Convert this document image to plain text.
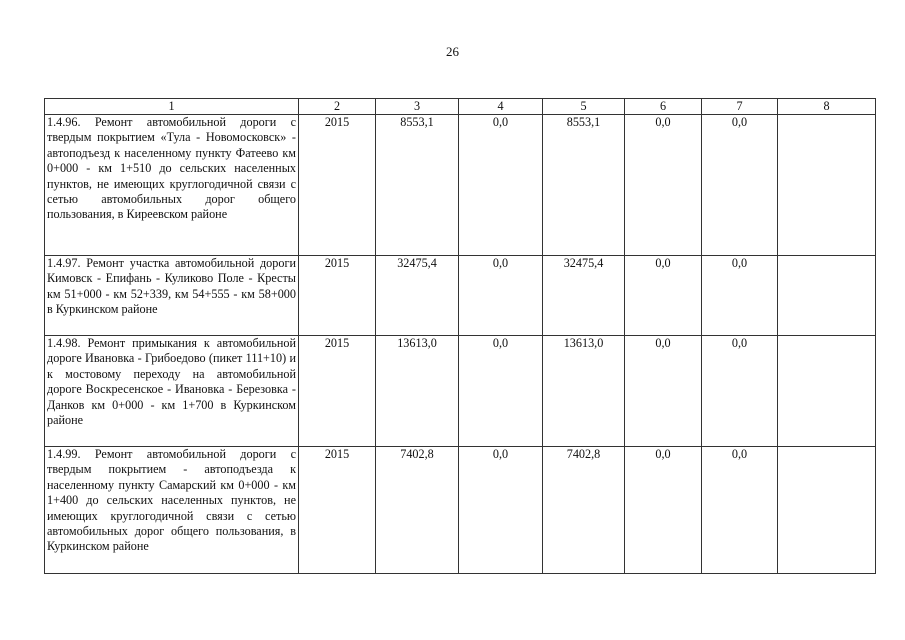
26
1	2	3	4	5	6	7	8
1.4.96. Ремонт автомобильной дороги с твердым покрытием «Тула - Новомосковск» - автоподъезд к населенному пункту Фатеево км 0+000 - км 1+510 до сельских населенных пунктов, не имеющих круглогодичной связи с сетью автомобильных дорог общего пользования, в Киреевском районе	2015	8553,1	0,0	8553,1	0,0	0,0	
1.4.97. Ремонт участка автомобильной дороги Кимовск - Епифань - Куликово Поле - Кресты км 51+000 - км 52+339, км 54+555 - км 58+000 в Куркинском районе	2015	32475,4	0,0	32475,4	0,0	0,0	
1.4.98. Ремонт примыкания к автомобильной дороге Ивановка - Грибоедово (пикет 111+10) и к мостовому переходу на автомобильной дороге Воскресенское - Ивановка - Березовка - Данков км 0+000 - км 1+700 в Куркинском районе	2015	13613,0	0,0	13613,0	0,0	0,0	
1.4.99. Ремонт автомобильной дороги с твердым покрытием - автоподъезда к населенному пункту Самарский км 0+000 - км 1+400 до сельских населенных пунктов, не имеющих круглогодичной связи с сетью автомобильных дорог общего пользования, в Куркинском районе	2015	7402,8	0,0	7402,8	0,0	0,0	
